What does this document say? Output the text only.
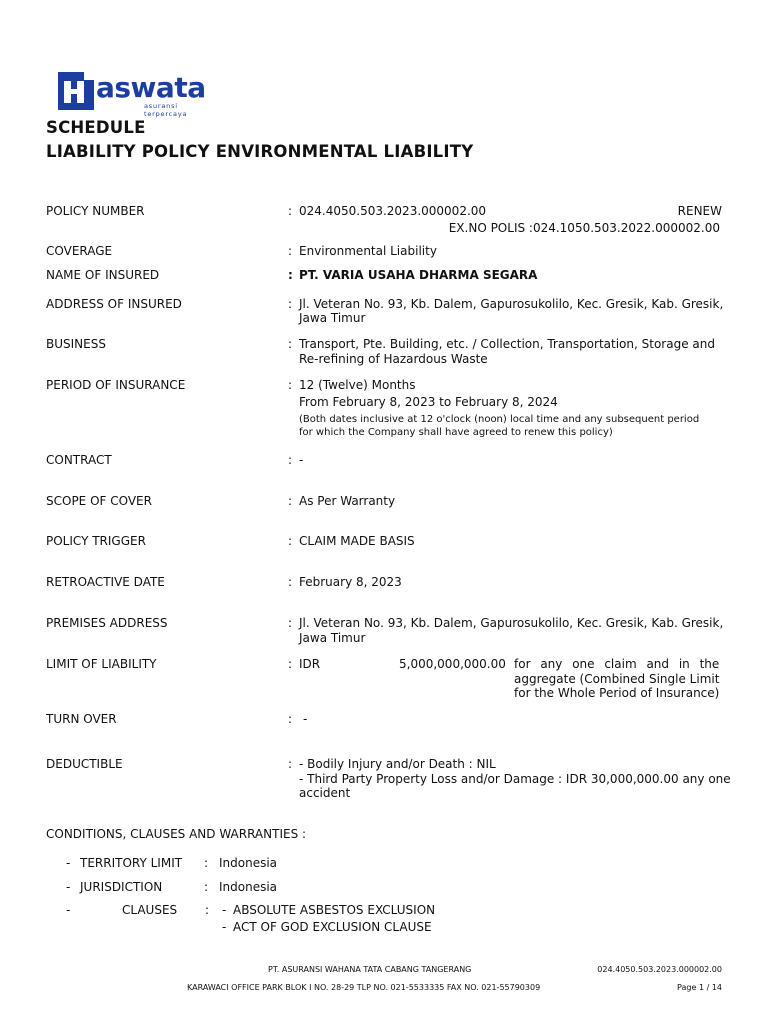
aswata
asuransi terpercaya
SCHEDULE
LIABILITY POLICY ENVIRONMENTAL LIABILITY
POLICY NUMBER	: 024.4050.503.2023.000002.00	RENEW
EX.NO POLIS :024.1050.503.2022.000002.00
COVERAGE	: Environmental Liability
NAME OF INSURED	: PT. VARIA USAHA DHARMA SEGARA
ADDRESS OF INSURED	: Jl. Veteran No. 93, Kb. Dalem, Gapurosukolilo, Kec. Gresik, Kab. Gresik,
Jawa Timur
BUSINESS	: Transport, Pte. Building, etc. / Collection, Transportation, Storage and
Re-refining of Hazardous Waste
PERIOD OF INSURANCE	: 12 (Twelve) Months
From February 8, 2023 to February 8, 2024
(Both dates inclusive at 12 o'clock (noon) local time and any subsequent period
for which the Company shall have agreed to renew this policy)
CONTRACT	: -
SCOPE OF COVER	: As Per Warranty
POLICY TRIGGER	: CLAIM MADE BASIS
RETROACTIVE DATE	: February 8, 2023
PREMISES ADDRESS	: Jl. Veteran No. 93, Kb. Dalem, Gapurosukolilo, Kec. Gresik, Kab. Gresik,
Jawa Timur
LIMIT OF LIABILITY	: IDR	5,000,000,000.00 for any one claim and in the
aggregate (Combined Single Limit
for the Whole Period of Insurance)
TURN OVER	: -
DEDUCTIBLE	: - Bodily Injury and/or Death : NIL
- Third Party Property Loss and/or Damage : IDR 30,000,000.00 any one
accident
CONDITIONS, CLAUSES AND WARRANTIES :
- TERRITORY LIMIT : Indonesia
- JURISDICTION	: Indonesia
-	CLAUSES : - ABSOLUTE ASBESTOS EXCLUSION
- ACT OF GOD EXCLUSION CLAUSE
PT. ASURANSI WAHANA TATA CABANG TANGERANG
KARAWACI OFFICE PARK BLOK I NO. 28-29 TLP NO. 021-5533335 FAX NO. 021-55790309
024.4050.503.2023.000002.00
Page 1 / 14
